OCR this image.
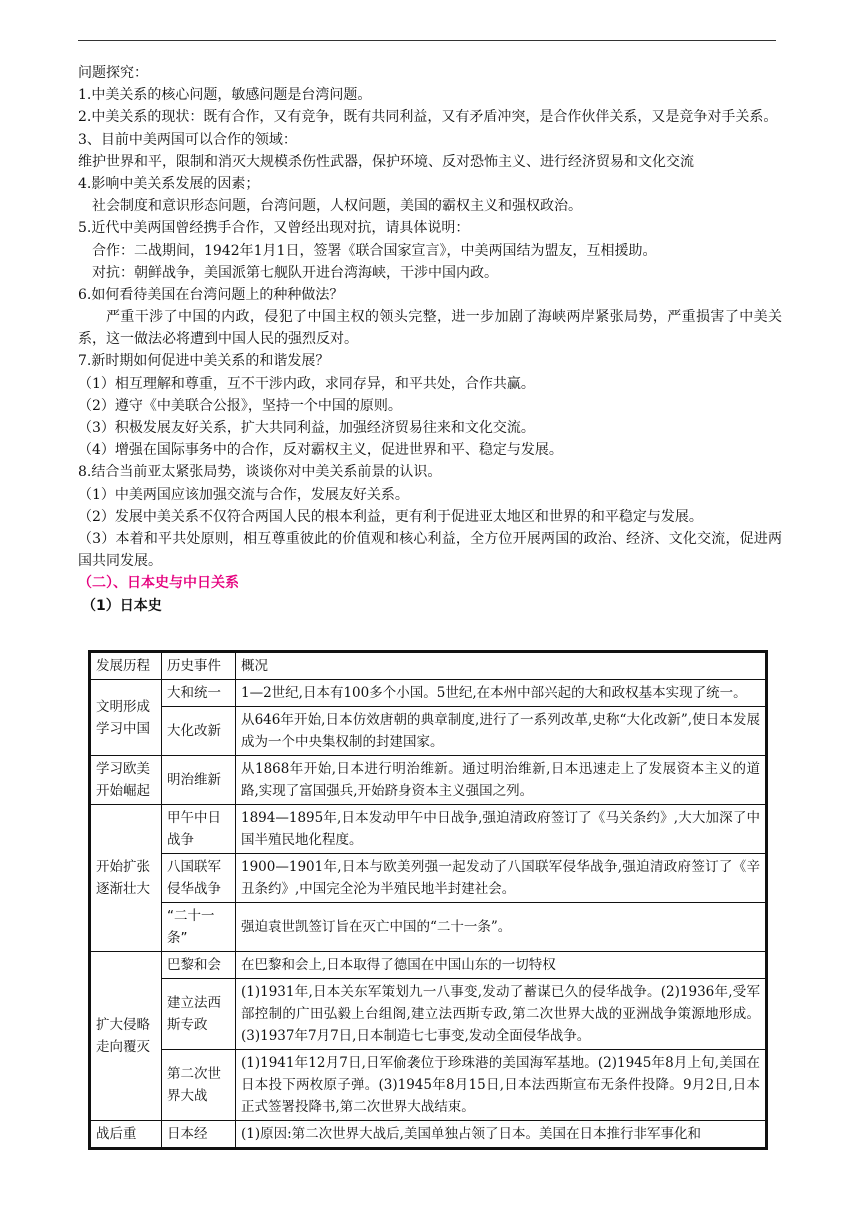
问题探究：
1.中美关系的核心问题，敏感问题是台湾问题。
2.中美关系的现状：既有合作，又有竞争，既有共同利益，又有矛盾冲突，是合作伙伴关系，又是竞争对手关系。
3、目前中美两国可以合作的领域：
维护世界和平，限制和消灭大规模杀伤性武器，保护环境、反对恐怖主义、进行经济贸易和文化交流
4.影响中美关系发展的因素；
社会制度和意识形态问题，台湾问题，人权问题，美国的霸权主义和强权政治。
5.近代中美两国曾经携手合作，又曾经出现对抗，请具体说明：
合作：二战期间，1942年1月1日，签署《联合国家宣言》，中美两国结为盟友，互相援助。
对抗：朝鲜战争，美国派第七舰队开进台湾海峡，干涉中国内政。
6.如何看待美国在台湾问题上的种种做法？
严重干涉了中国的内政，侵犯了中国主权的领头完整，进一步加剧了海峡两岸紧张局势，严重损害了中美关系，这一做法必将遭到中国人民的强烈反对。
7.新时期如何促进中美关系的和谐发展？
（1）相互理解和尊重，互不干涉内政，求同存异，和平共处，合作共赢。
（2）遵守《中美联合公报》，坚持一个中国的原则。
（3）积极发展友好关系，扩大共同利益，加强经济贸易往来和文化交流。
（4）增强在国际事务中的合作，反对霸权主义，促进世界和平、稳定与发展。
8.结合当前亚太紧张局势，谈谈你对中美关系前景的认识。
（1）中美两国应该加强交流与合作，发展友好关系。
（2）发展中美关系不仅符合两国人民的根本利益，更有利于促进亚太地区和世界的和平稳定与发展。
（3）本着和平共处原则，相互尊重彼此的价值观和核心利益，全方位开展两国的政治、经济、文化交流，促进两国共同发展。
（二）、日本史与中日关系
（1）日本史
发展历程	历史事件	概况
文明形成学习中国	大和统一	1—2世纪,日本有100多个小国。5世纪,在本州中部兴起的大和政权基本实现了统一。
	大化改新	从646年开始,日本仿效唐朝的典章制度,进行了一系列改革,史称“大化改新”,使日本发展成为一个中央集权制的封建国家。
学习欧美开始崛起	明治维新	从1868年开始,日本进行明治维新。通过明治维新,日本迅速走上了发展资本主义的道路,实现了富国强兵,开始跻身资本主义强国之列。
开始扩张逐渐壮大	甲午中日战争	1894—1895年,日本发动甲午中日战争,强迫清政府签订了《马关条约》,大大加深了中国半殖民地化程度。
	八国联军侵华战争	1900—1901年,日本与欧美列强一起发动了八国联军侵华战争,强迫清政府签订了《辛丑条约》,中国完全沦为半殖民地半封建社会。
	“二十一条”	强迫袁世凯签订旨在灭亡中国的“二十一条”。
扩大侵略走向覆灭	巴黎和会	在巴黎和会上,日本取得了德国在中国山东的一切特权
	建立法西斯专政	(1)1931年,日本关东军策划九一八事变,发动了蓄谋已久的侵华战争。(2)1936年,受军部控制的广田弘毅上台组阁,建立法西斯专政,第二次世界大战的亚洲战争策源地形成。(3)1937年7月7日,日本制造七七事变,发动全面侵华战争。
	第二次世界大战	(1)1941年12月7日,日军偷袭位于珍珠港的美国海军基地。(2)1945年8月上旬,美国在日本投下两枚原子弹。(3)1945年8月15日,日本法西斯宣布无条件投降。9月2日,日本正式签署投降书,第二次世界大战结束。
战后重	日本经	(1)原因:第二次世界大战后,美国单独占领了日本。美国在日本推行非军事化和
